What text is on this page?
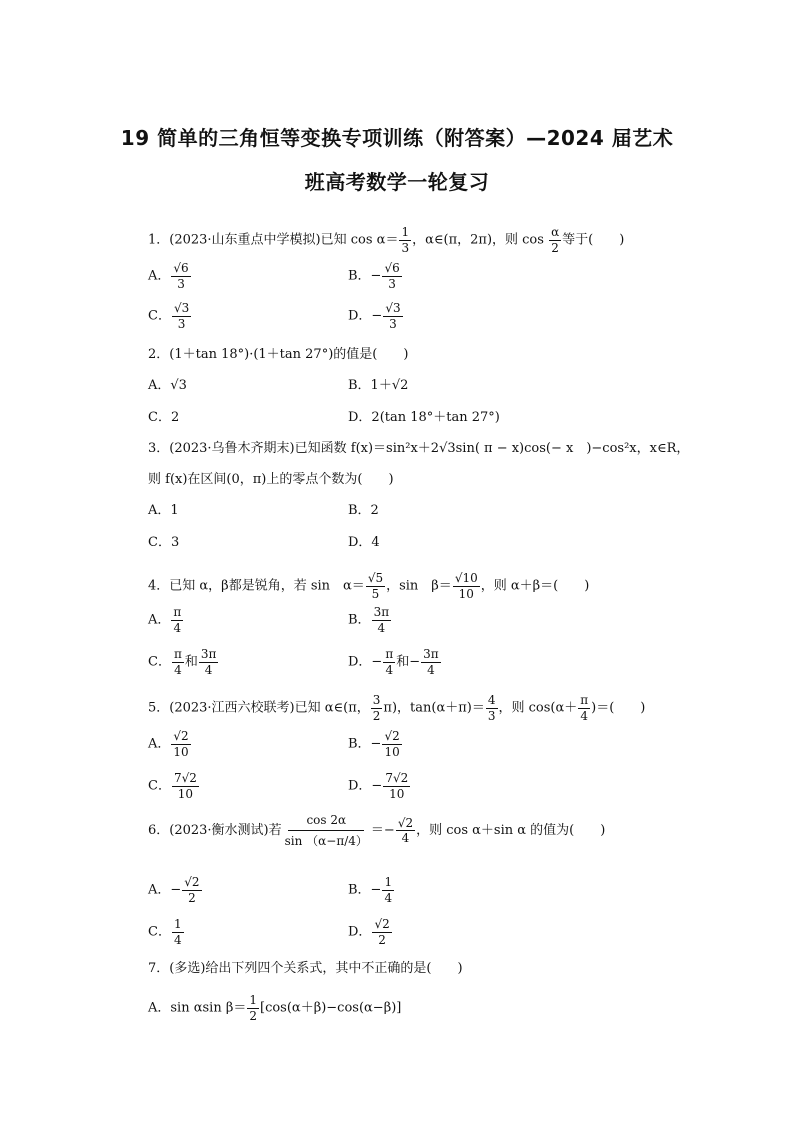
19 简单的三角恒等变换专项训练（附答案）—2024 届艺术
班高考数学一轮复习
1．(2023·山东重点中学模拟)已知 $\cos \alpha= \frac{1}{3}$ ，α∈(π，2π)，则 $\cos \frac{\alpha}{2}$ 等于(　　)
A． $\frac{√6}{3}$	B．− $\frac{√6}{3}$
C． $\frac{√3}{3}$	D．− $\frac{√3}{3}$
2．(1＋tan 18°)·(1＋tan 27°)的值是(　　)
A．√3	B．1＋√2
C．2	D．2(tan 18°＋tan 27°)
3．(2023·乌鲁木齐期末)已知函数 f(x)＝sin²x＋2√3sin( π − x)cos(− x　)−cos²x，x∈R，
则 f(x)在区间(0，π)上的零点个数为(　　)
A．1	B．2
C．3	D．4
4．已知 α，β都是锐角，若 sin　$\alpha= \frac{√5}{5}$ ，sin　$\beta= \frac{√10}{10}$ ，则 α＋β＝(　　)
A． $\frac{\pi}{4}$	B． $\frac{3\pi}{4}$
C． $\frac{\pi}{4}$ 和 $\frac{3\pi}{4}$	D．− $\frac{\pi}{4}$ 和− $\frac{3\pi}{4}$
5．(2023·江西六校联考)已知 α∈(π， $\frac{3}{2} \pi$)，$\tan(\alpha+\pi)= \frac{4}{3}$ ，则 $\cos(\alpha+ \frac{\pi}{4}$ )＝(　　)
A． $\frac{√2}{10}$	B．− $\frac{√2}{10}$
C． $\frac{7√2}{10}$	D．− $\frac{7√2}{10}$
6．(2023·衡水测试)若 $\frac{\cos 2\alpha}{\sin (\alpha-\pi/4)} =- \frac{√2}{4}$ ，则 cos α＋sin α 的值为(　　)
A．− $\frac{√2}{2}$	B．− $\frac{1}{4}$
C． $\frac{1}{4}$	D． $\frac{√2}{2}$
7．(多选)给出下列四个关系式，其中不正确的是(　　)
A．sin αsin $\beta= \frac{1}{2} [\cos(\alpha+\beta)-\cos(\alpha-\beta)]$
